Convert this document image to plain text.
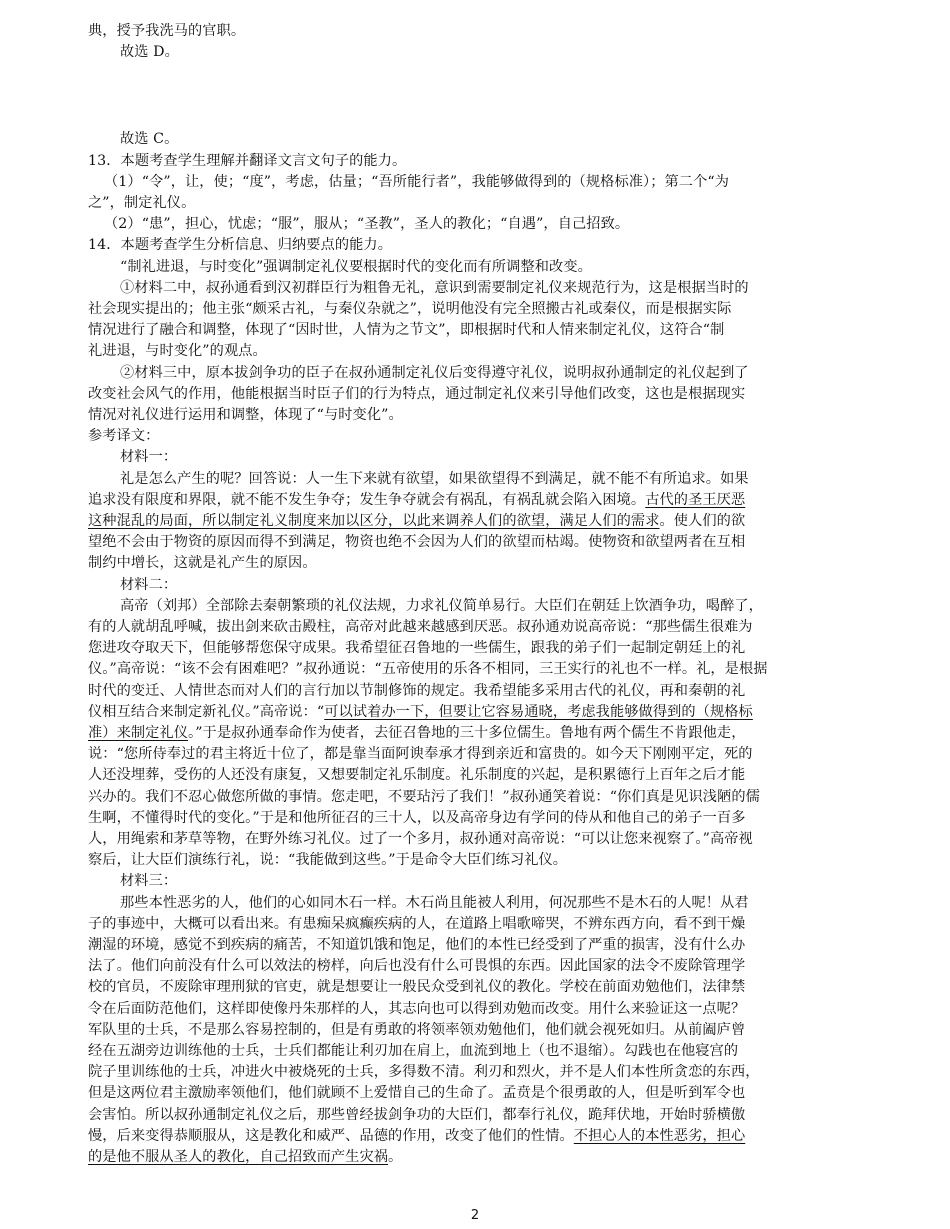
典，授予我洗马的官职。
故选 D。
故选 C。
13．本题考查学生理解并翻译文言文句子的能力。
（1）“令”，让，使；“度”，考虑，估量；“吾所能行者”，我能够做得到的（规格标准）；第二个“为
之”，制定礼仪。
（2）“患”，担心，忧虑；“服”，服从；“圣教”，圣人的教化；“自遇”，自己招致。
14．本题考查学生分析信息、归纳要点的能力。
“制礼进退，与时变化”强调制定礼仪要根据时代的变化而有所调整和改变。
①材料二中，叔孙通看到汉初群臣行为粗鲁无礼，意识到需要制定礼仪来规范行为，这是根据当时的
社会现实提出的；他主张“颇采古礼，与秦仪杂就之”，说明他没有完全照搬古礼或秦仪，而是根据实际
情况进行了融合和调整，体现了“因时世，人情为之节文”，即根据时代和人情来制定礼仪，这符合“制
礼进退，与时变化”的观点。
②材料三中，原本拔剑争功的臣子在叔孙通制定礼仪后变得遵守礼仪，说明叔孙通制定的礼仪起到了
改变社会风气的作用，他能根据当时臣子们的行为特点，通过制定礼仪来引导他们改变，这也是根据现实
情况对礼仪进行运用和调整，体现了“与时变化”。
参考译文：
材料一：
礼是怎么产生的呢？回答说：人一生下来就有欲望，如果欲望得不到满足，就不能不有所追求。如果
追求没有限度和界限，就不能不发生争夺；发生争夺就会有祸乱，有祸乱就会陷入困境。古代的圣王厌恶
这种混乱的局面，所以制定礼义制度来加以区分，以此来调养人们的欲望，满足人们的需求。使人们的欲
望绝不会由于物资的原因而得不到满足，物资也绝不会因为人们的欲望而枯竭。使物资和欲望两者在互相
制约中增长，这就是礼产生的原因。
材料二：
高帝（刘邦）全部除去秦朝繁琐的礼仪法规，力求礼仪简单易行。大臣们在朝廷上饮酒争功，喝醉了，
有的人就胡乱呼喊，拔出剑来砍击殿柱，高帝对此越来越感到厌恶。叔孙通劝说高帝说：“那些儒生很难为
您进攻夺取天下，但能够帮您保守成果。我希望征召鲁地的一些儒生，跟我的弟子们一起制定朝廷上的礼
仪。”高帝说：“该不会有困难吧？”叔孙通说：“五帝使用的乐各不相同，三王实行的礼也不一样。礼，是根据
时代的变迁、人情世态而对人们的言行加以节制修饰的规定。我希望能多采用古代的礼仪，再和秦朝的礼
仪相互结合来制定新礼仪。”高帝说：“可以试着办一下，但要让它容易通晓，考虑我能够做得到的（规格标
准）来制定礼仪。”于是叔孙通奉命作为使者，去征召鲁地的三十多位儒生。鲁地有两个儒生不肯跟他走，
说：“您所侍奉过的君主将近十位了，都是靠当面阿谀奉承才得到亲近和富贵的。如今天下刚刚平定，死的
人还没埋葬，受伤的人还没有康复，又想要制定礼乐制度。礼乐制度的兴起，是积累德行上百年之后才能
兴办的。我们不忍心做您所做的事情。您走吧，不要玷污了我们！”叔孙通笑着说：“你们真是见识浅陋的儒
生啊，不懂得时代的变化。”于是和他所征召的三十人，以及高帝身边有学问的侍从和他自己的弟子一百多
人，用绳索和茅草等物，在野外练习礼仪。过了一个多月，叔孙通对高帝说：“可以让您来视察了。”高帝视
察后，让大臣们演练行礼，说：“我能做到这些。”于是命令大臣们练习礼仪。
材料三：
那些本性恶劣的人，他们的心如同木石一样。木石尚且能被人利用，何况那些不是木石的人呢！从君
子的事迹中，大概可以看出来。有患痴呆疯癫疾病的人，在道路上唱歌啼哭，不辨东西方向，看不到干燥
潮湿的环境，感觉不到疾病的痛苦，不知道饥饿和饱足，他们的本性已经受到了严重的损害，没有什么办
法了。他们向前没有什么可以效法的榜样，向后也没有什么可畏惧的东西。因此国家的法令不废除管理学
校的官员，不废除审理刑狱的官吏，就是想要让一般民众受到礼仪的教化。学校在前面劝勉他们，法律禁
令在后面防范他们，这样即使像丹朱那样的人，其志向也可以得到劝勉而改变。用什么来验证这一点呢？
军队里的士兵，不是那么容易控制的，但是有勇敢的将领率领劝勉他们，他们就会视死如归。从前阖庐曾
经在五湖旁边训练他的士兵，士兵们都能让利刃加在肩上，血流到地上（也不退缩）。勾践也在他寝宫的
院子里训练他的士兵，冲进火中被烧死的士兵，多得数不清。利刃和烈火，并不是人们本性所贪恋的东西，
但是这两位君主激励率领他们，他们就顾不上爱惜自己的生命了。孟贲是个很勇敢的人，但是听到军令也
会害怕。所以叔孙通制定礼仪之后，那些曾经拔剑争功的大臣们，都奉行礼仪，跪拜伏地，开始时骄横傲
慢，后来变得恭顺服从，这是教化和威严、品德的作用，改变了他们的性情。不担心人的本性恶劣，担心
的是他不服从圣人的教化，自己招致而产生灾祸。
2
